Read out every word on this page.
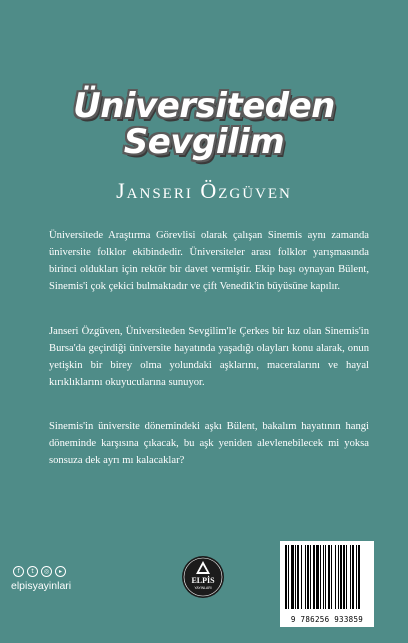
Üniversiteden
Sevgilim
Janseri Özgüven

Üniversitede Araştırma Görevlisi olarak çalışan Sinemis aynı zamanda üniversite folklor ekibindedir. Üniversiteler arası folklor yarışmasında birinci oldukları için rektör bir davet vermiştir. Ekip başı oynayan Bülent, Sinemis'i çok çekici bulmaktadır ve çift Venedik'in büyüsüne kapılır.

Janseri Özgüven, Üniversiteden Sevgilim'le Çerkes bir kız olan Sinemis'in Bursa'da geçirdiği üniversite hayatında yaşadığı olayları konu alarak, onun yetişkin bir birey olma yolundaki aşklarını, maceralarını ve hayal kırıklıklarını okuyucularına sunuyor.

Sinemis'in üniversite dönemindeki aşkı Bülent, bakalım hayatının hangi döneminde karşısına çıkacak, bu aşk yeniden alevlenebilecek mi yoksa sonsuza dek ayrı mı kalacaklar?

f	t	◎	▸
elpisyayinlari	ELPİS
YAYINLARI
9 786256 933859
